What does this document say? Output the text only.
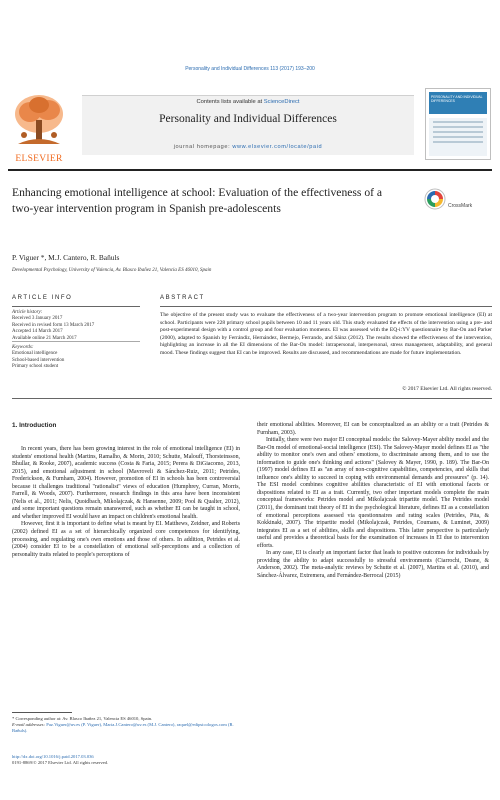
Personality and Individual Differences 113 (2017) 193–200
ELSEVIER
Contents lists available at ScienceDirect
Personality and Individual Differences
journal homepage: www.elsevier.com/locate/paid
PERSONALITY AND INDIVIDUAL DIFFERENCES
Enhancing emotional intelligence at school: Evaluation of the effectiveness of a two-year intervention program in Spanish pre-adolescents	CrossMark
P. Viguer *, M.J. Cantero, R. Bañuls
Developmental Psychology, University of Valencia, Av. Blasco Ibañez 21, Valencia ES 46010, Spain
ARTICLE INFO	ABSTRACT
Article history:
Received 3 January 2017
Received in revised form 13 March 2017
Accepted 14 March 2017
Available online 21 March 2017
Keywords:
Emotional intelligence
School-based intervention
Primary school student
The objective of the present study was to evaluate the effectiveness of a two-year intervention program to promote emotional intelligence (EI) at school. Participants were 228 primary school pupils between 10 and 11 years old. This study evaluated the effects of the intervention using a pre- and post-experimental design with a control group and four evaluation moments. EI was assessed with the EQ-i:YV questionnaire by Bar-On and Parker (2000), adapted to Spanish by Ferrándiz, Hernández, Bermejo, Ferrando, and Sáinz (2012). The results showed the effectiveness of the intervention, highlighting an increase in all the EI dimensions of the Bar-On model: intrapersonal, interpersonal, stress management, adaptability, and general mood. These findings suggest that EI can be improved. Results are discussed, and recommendations are made for future implementation.
© 2017 Elsevier Ltd. All rights reserved.
1. Introduction

In recent years, there has been growing interest in the role of emotional intelligence (EI) in students' emotional health (Martins, Ramalho, & Morin, 2010; Schutte, Malouff, Thorsteinsson, Bhullar, & Rooke, 2007), academic success (Costa & Faria, 2015; Perera & DiGiacomo, 2013, 2015), and emotional adjustment in school (Mavroveli & Sánchez-Ruiz, 2011; Petrides, Frederickson, & Furnham, 2004). However, promotion of EI in schools has been controversial because it challenges traditional "rationalist" views of education (Humphrey, Curran, Morris, Farrell, & Woods, 2007). Furthermore, research findings in this area have been inconsistent (Nelis et al., 2011; Nelis, Quoidbach, Mikolajczak, & Hansenne, 2009; Pool & Qualter, 2012), and some important questions remain unanswered, such as whether EI can be taught in school, and whether improved EI would have an impact on children's emotional health.

However, first it is important to define what is meant by EI. Matthews, Zeidner, and Roberts (2002) defined EI as a set of hierarchically organized core competences for identifying, processing, and regulating one's own emotions and those of others. In addition, Petrides et al. (2004) consider EI to be a constellation of emotional self-perceptions and a collection of personality traits related to people's perceptions of

their emotional abilities. Moreover, EI can be conceptualized as an ability or a trait (Petrides & Furnham, 2003).

Initially, there were two major EI conceptual models: the Salovey-Mayer ability model and the Bar-On model of emotional-social intelligence (ESI). The Salovey-Mayer model defines EI as "the ability to monitor one's own and others' emotions, to discriminate among them, and to use the information to guide one's thinking and actions" (Salovey & Mayer, 1990, p. 189). The Bar-On (1997) model defines EI as "an array of non-cognitive capabilities, competencies, and skills that influence one's ability to succeed in coping with environmental demands and pressures" (p. 14). The ESI model combines cognitive abilities characteristic of EI with emotional facets or dispositions related to EI as a trait. Currently, two other important models complete the main conceptual frameworks: Petrides model and Mikolajczak tripartite model. The Petrides model (2011), the dominant trait theory of EI in the psychological literature, defines EI as a constellation of emotional perceptions assessed via questionnaires and rating scales (Petrides, Pita, & Kokkinaki, 2007). The tripartite model (Mikolajczak, Petrides, Coumans, & Luminet, 2009) integrates EI as a set of abilities, skills and dispositions. This latter perspective is particularly useful and provides a theoretical basis for the examination of increases in EI due to intervention efforts.

In any case, EI is clearly an important factor that leads to positive outcomes for individuals by providing the ability to adapt successfully to stressful environments (Ciarrochi, Deane, & Anderson, 2002). The meta-analytic reviews by Schutte et al. (2007), Martins et al. (2010), and Sánchez-Álvarez, Extremera, and Fernández-Berrocal (2015)

* Corresponding author at: Av. Blasco Ibañez 21, Valencia ES 46010, Spain.
E-mail addresses: Paz.Viguer@uv.es (P. Viguer), Maria.J.Cantero@uv.es (M.J. Cantero), raquel@edipsicologos.com (R. Bañuls).
http://dx.doi.org/10.1016/j.paid.2017.03.036
0191-8869/© 2017 Elsevier Ltd. All rights reserved.
